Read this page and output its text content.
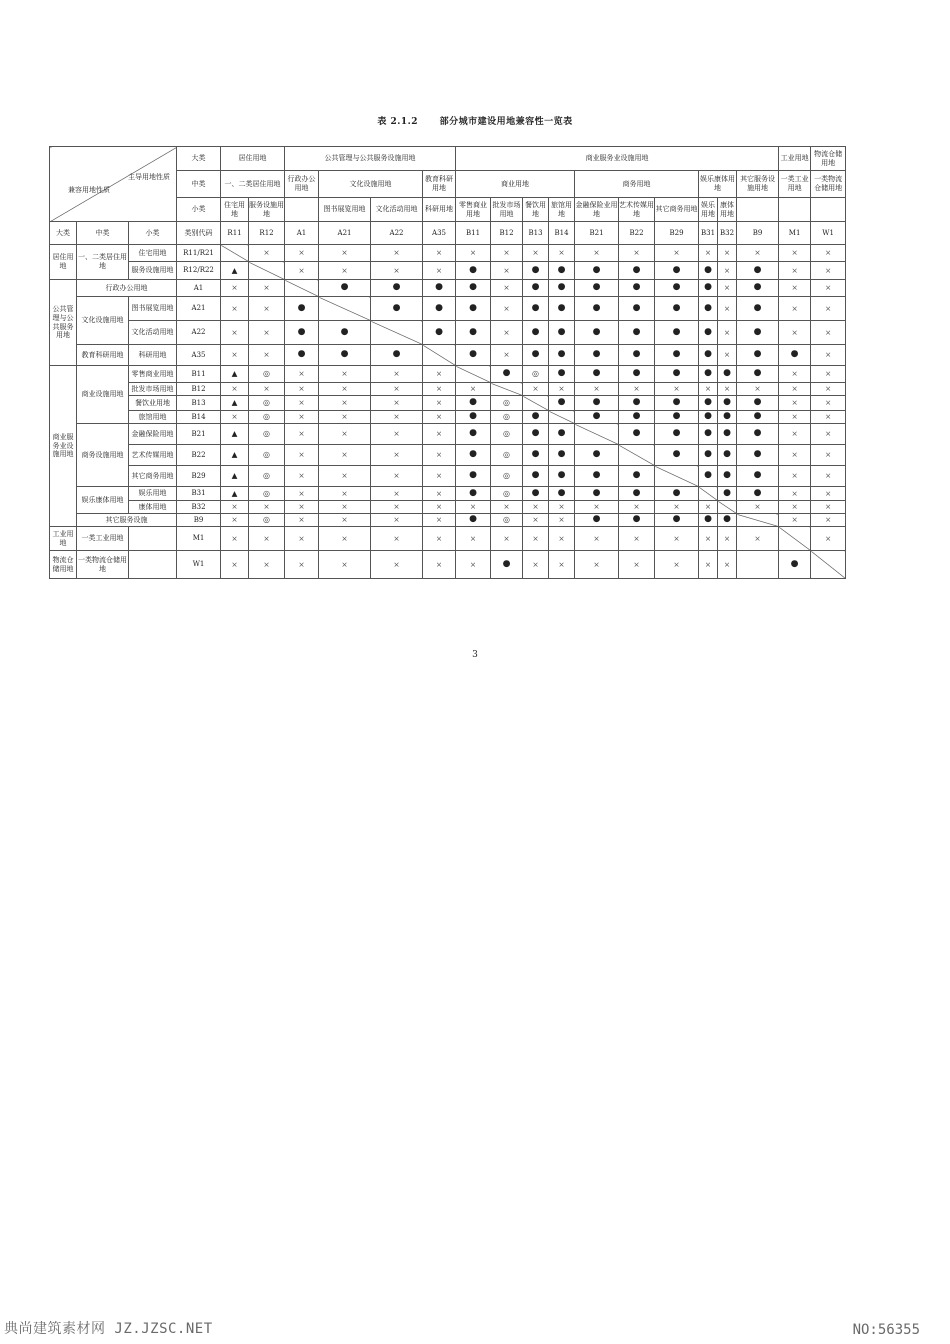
表 2.1.2 部分城市建设用地兼容性一览表
主导用地性质
兼容用地性质			大类	居住用地		公共管理与公共服务设施用地				商业服务业设施用地										工业用地	物流仓储用地
			中类	一、二类居住用地		行政办公用地	文化设施用地		教育科研用地	商业用地				商务用地			娱乐康体用地		其它服务设施用地	一类工业用地	一类物流仓储用地
			小类	住宅用地	服务设施用地		图书展览用地	文化活动用地	科研用地	零售商业用地	批发市场用地	餐饮用地	旅馆用地	金融保险业用地	艺术传媒用地	其它商务用地	娱乐用地	康体用地			
大类	中类	小类	类别代码	R11	R12	A1	A21	A22	A35	B11	B12	B13	B14	B21	B22	B29	B31	B32	B9	M1	W1
居住用地	一、二类居住用地	住宅用地	R11/R21		×	×	×	×	×	×	×	×	×	×	×	×	×	×	×	×	×
		服务设施用地	R12/R22	▲		×	×	×	×	●	×	●	●	●	●	●	●	×	●	×	×
公共管理与公共服务用地	行政办公用地		A1	×	×		●	●	●	●	×	●	●	●	●	●	●	×	●	×	×
	文化设施用地	图书展览用地	A21	×	×	●		●	●	●	×	●	●	●	●	●	●	×	●	×	×
		文化活动用地	A22	×	×	●	●		●	●	×	●	●	●	●	●	●	×	●	×	×
	教育科研用地	科研用地	A35	×	×	●	●	●		●	×	●	●	●	●	●	●	×	●	●	×
商业服务业设施用地	商业设施用地	零售商业用地	B11	▲	◎	×	×	×	×		●	◎	●	●	●	●	●	●	●	×	×
		批发市场用地	B12	×	×	×	×	×	×	×		×	×	×	×	×	×	×	×	×	×
		餐饮业用地	B13	▲	◎	×	×	×	×	●	◎		●	●	●	●	●	●	●	×	×
		旅馆用地	B14	×	◎	×	×	×	×	●	◎	●		●	●	●	●	●	●	×	×
	商务设施用地	金融保险用地	B21	▲	◎	×	×	×	×	●	◎	●	●		●	●	●	●	●	×	×
		艺术传媒用地	B22	▲	◎	×	×	×	×	●	◎	●	●	●		●	●	●	●	×	×
		其它商务用地	B29	▲	◎	×	×	×	×	●	◎	●	●	●	●		●	●	●	×	×
	娱乐康体用地	娱乐用地	B31	▲	◎	×	×	×	×	●	◎	●	●	●	●	●		●	●	×	×
		康体用地	B32	×	×	×	×	×	×	×	×	×	×	×	×	×	×		×	×	×
	其它服务设施		B9	×	◎	×	×	×	×	●	◎	×	×	●	●	●	●	●		×	×
工业用地	一类工业用地		M1	×	×	×	×	×	×	×	×	×	×	×	×	×	×	×	×		×
物流仓储用地	一类物流仓储用地		W1	×	×	×	×	×	×	×	●	×	×	×	×	×	×	×		●	
3
典尚建筑素材网 JZ.JZSC.NET	NO:56355
